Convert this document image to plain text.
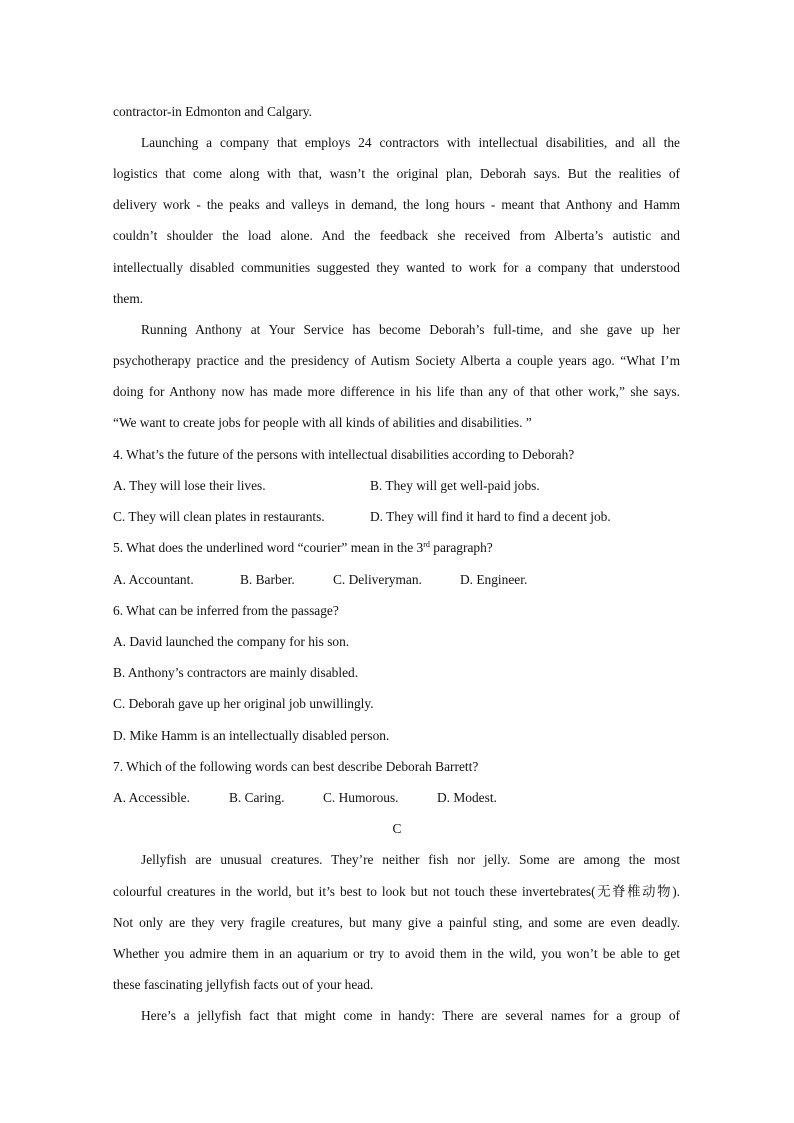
contractor-in Edmonton and Calgary.
Launching a company that employs 24 contractors with intellectual disabilities, and all the
logistics that come along with that, wasn’t the original plan, Deborah says. But the realities of
delivery work - the peaks and valleys in demand, the long hours - meant that Anthony and Hamm
couldn’t shoulder the load alone. And the feedback she received from Alberta’s autistic and
intellectually disabled communities suggested they wanted to work for a company that understood
them.
Running Anthony at Your Service has become Deborah’s full-time, and she gave up her
psychotherapy practice and the presidency of Autism Society Alberta a couple years ago. “What I’m
doing for Anthony now has made more difference in his life than any of that other work,” she says.
“We want to create jobs for people with all kinds of abilities and disabilities. ”
4. What’s the future of the persons with intellectual disabilities according to Deborah?
A. They will lose their lives.	B. They will get well-paid jobs.
C. They will clean plates in restaurants.	D. They will find it hard to find a decent job.
5. What does the underlined word “courier” mean in the 3rd paragraph?
A. Accountant.	B. Barber.	C. Deliveryman.	D. Engineer.
6. What can be inferred from the passage?
A. David launched the company for his son.
B. Anthony’s contractors are mainly disabled.
C. Deborah gave up her original job unwillingly.
D. Mike Hamm is an intellectually disabled person.
7. Which of the following words can best describe Deborah Barrett?
A. Accessible.	B. Caring.	C. Humorous.	D. Modest.
C
Jellyfish are unusual creatures. They’re neither fish nor jelly. Some are among the most
colourful creatures in the world, but it’s best to look but not touch these invertebrates(无脊椎动物).
Not only are they very fragile creatures, but many give a painful sting, and some are even deadly.
Whether you admire them in an aquarium or try to avoid them in the wild, you won’t be able to get
these fascinating jellyfish facts out of your head.
Here’s a jellyfish fact that might come in handy: There are several names for a group of
